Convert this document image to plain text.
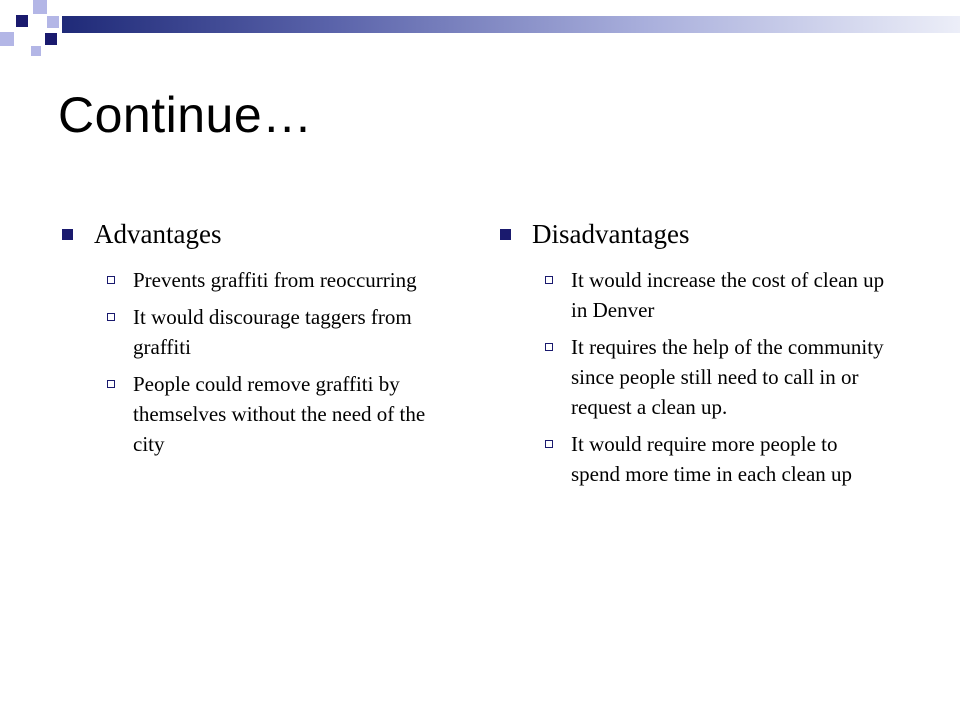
Continue…
Advantages
Prevents graffiti from reoccurring
It would discourage taggers from graffiti
People could remove graffiti by themselves without the need of the city
Disadvantages
It would increase the cost of clean up in Denver
It requires the help of the community since people still need to call in or request a clean up.
It would require more people to spend more time in each clean up
